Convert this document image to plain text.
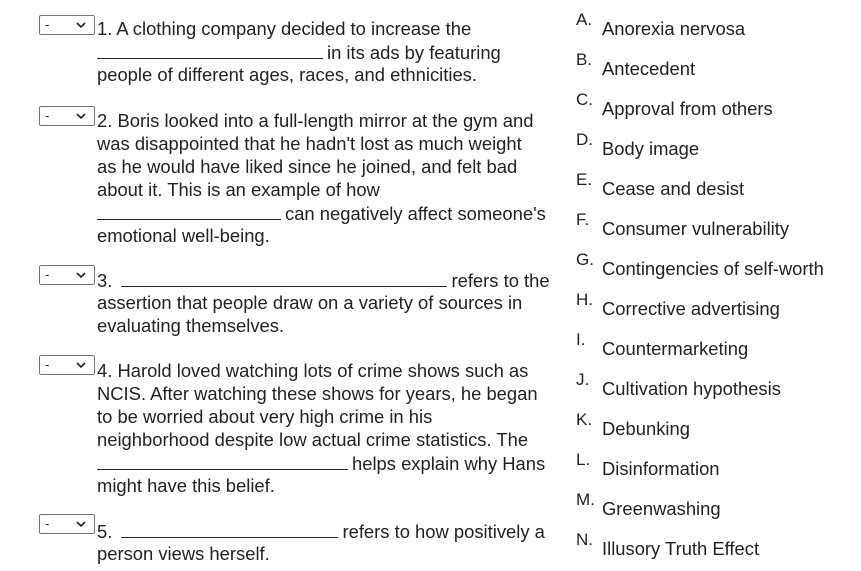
-
-
-
-
-
1. A clothing company decided to increase the
in its ads by featuring
people of different ages, races, and ethnicities.
2. Boris looked into a full-length mirror at the gym and
was disappointed that he hadn't lost as much weight
as he would have liked since he joined, and felt bad
about it. This is an example of how
can negatively affect someone's
emotional well-being.
3.	refers to the
assertion that people draw on a variety of sources in
evaluating themselves.
4. Harold loved watching lots of crime shows such as
NCIS. After watching these shows for years, he began
to be worried about very high crime in his
neighborhood despite low actual crime statistics. The
helps explain why Hans
might have this belief.
5.	refers to how positively a
person views herself.
A. Anorexia nervosa
B. Antecedent
C. Approval from others
D. Body image
E. Cease and desist
F. Consumer vulnerability
G. Contingencies of self-worth
H. Corrective advertising
I. Countermarketing
J. Cultivation hypothesis
K. Debunking
L. Disinformation
M. Greenwashing
N. Illusory Truth Effect
